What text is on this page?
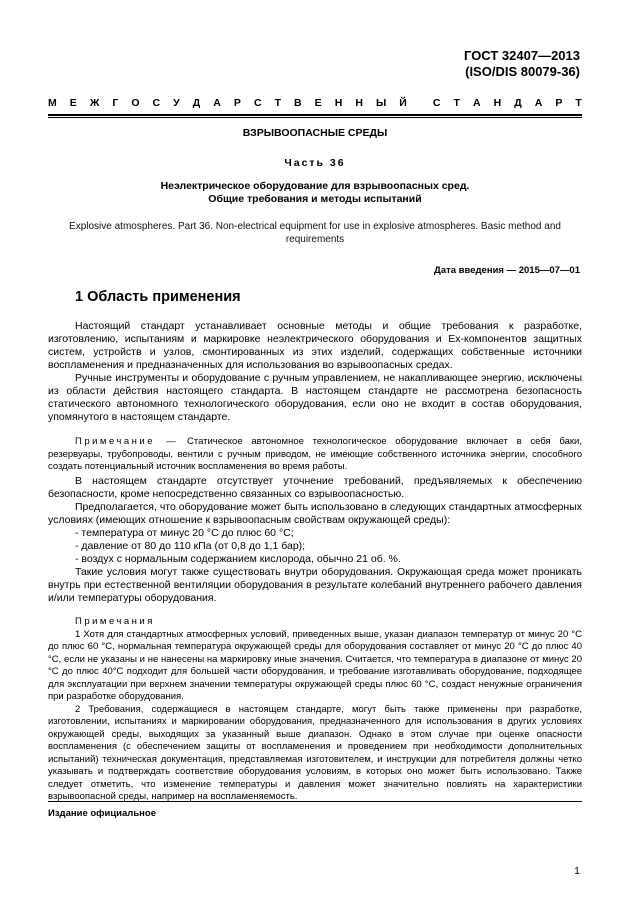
ГОСТ 32407—2013
(ISO/DIS 80079-36)
М Е Ж Г О С У Д А Р С Т В Е Н Н Ы Й С Т А Н Д А Р Т
ВЗРЫВООПАСНЫЕ СРЕДЫ
Часть 36
Неэлектрическое оборудование для взрывоопасных сред.
Общие требования и методы испытаний
Explosive atmospheres. Part 36. Non-electrical equipment for use in explosive atmospheres. Basic method and requirements
Дата введения — 2015—07—01
1 Область применения

Настоящий стандарт устанавливает основные методы и общие требования к разработке, изготовлению, испытаниям и маркировке неэлектрического оборудования и Ex-компонентов защитных систем, устройств и узлов, смонтированных из этих изделий, содержащих собственные источники воспламенения и предназначенных для использования во взрывоопасных средах.

Ручные инструменты и оборудование с ручным управлением, не накапливающее энергию, исключены из области действия настоящего стандарта. В настоящем стандарте не рассмотрена безопасность статического автономного технологического оборудования, если оно не входит в состав оборудования, упомянутого в настоящем стандарте.

Примечание — Статическое автономное технологическое оборудование включает в себя баки, резервуары, трубопроводы, вентили с ручным приводом, не имеющие собственного источника энергии, способного создать потенциальный источник воспламенения во время работы.

В настоящем стандарте отсутствует уточнение требований, предъявляемых к обеспечению безопасности, кроме непосредственно связанных со взрывоопасностью.

Предполагается, что оборудование может быть использовано в следующих стандартных атмосферных условиях (имеющих отношение к взрывоопасным свойствам окружающей среды):

- температура от минус 20 °С до плюс 60 °С;
- давление от 80 до 110 кПа (от 0,8 до 1,1 бар);
- воздух с нормальным содержанием кислорода, обычно 21 об. %.

Такие условия могут также существовать внутри оборудования. Окружающая среда может проникать внутрь при естественной вентиляции оборудования в результате колебаний внутреннего рабочего давления и/или температуры оборудования.

Примечания

1 Хотя для стандартных атмосферных условий, приведенных выше, указан диапазон температур от минус 20 °С до плюс 60 °С, нормальная температура окружающей среды для оборудования составляет от минус 20 °С до плюс 40 °С, если не указаны и не нанесены на маркировку иные значения. Считается, что температура в диапазоне от минус 20 °С до плюс 40°С подходит для большей части оборудования, и требование изготавливать оборудование, подходящее для эксплуатации при верхнем значении температуры окружающей среды плюс 60 °С, создаст ненужные ограничения при разработке оборудования.

2 Требования, содержащиеся в настоящем стандарте, могут быть также применены при разработке, изготовлении, испытаниях и маркировании оборудования, предназначенного для использования в других условиях окружающей среды, выходящих за указанный выше диапазон. Однако в этом случае при оценке опасности воспламенения (с обеспечением защиты от воспламенения и проведением при необходимости дополнительных испытаний) техническая документация, представляемая изготовителем, и инструкции для потребителя должны четко указывать и подтверждать соответствие оборудования условиям, в которых оно может быть использовано. Также следует отметить, что изменение температуры и давления может значительно повлиять на характеристики взрывоопасной среды, например на воспламеняемость.

Издание официальное
1
